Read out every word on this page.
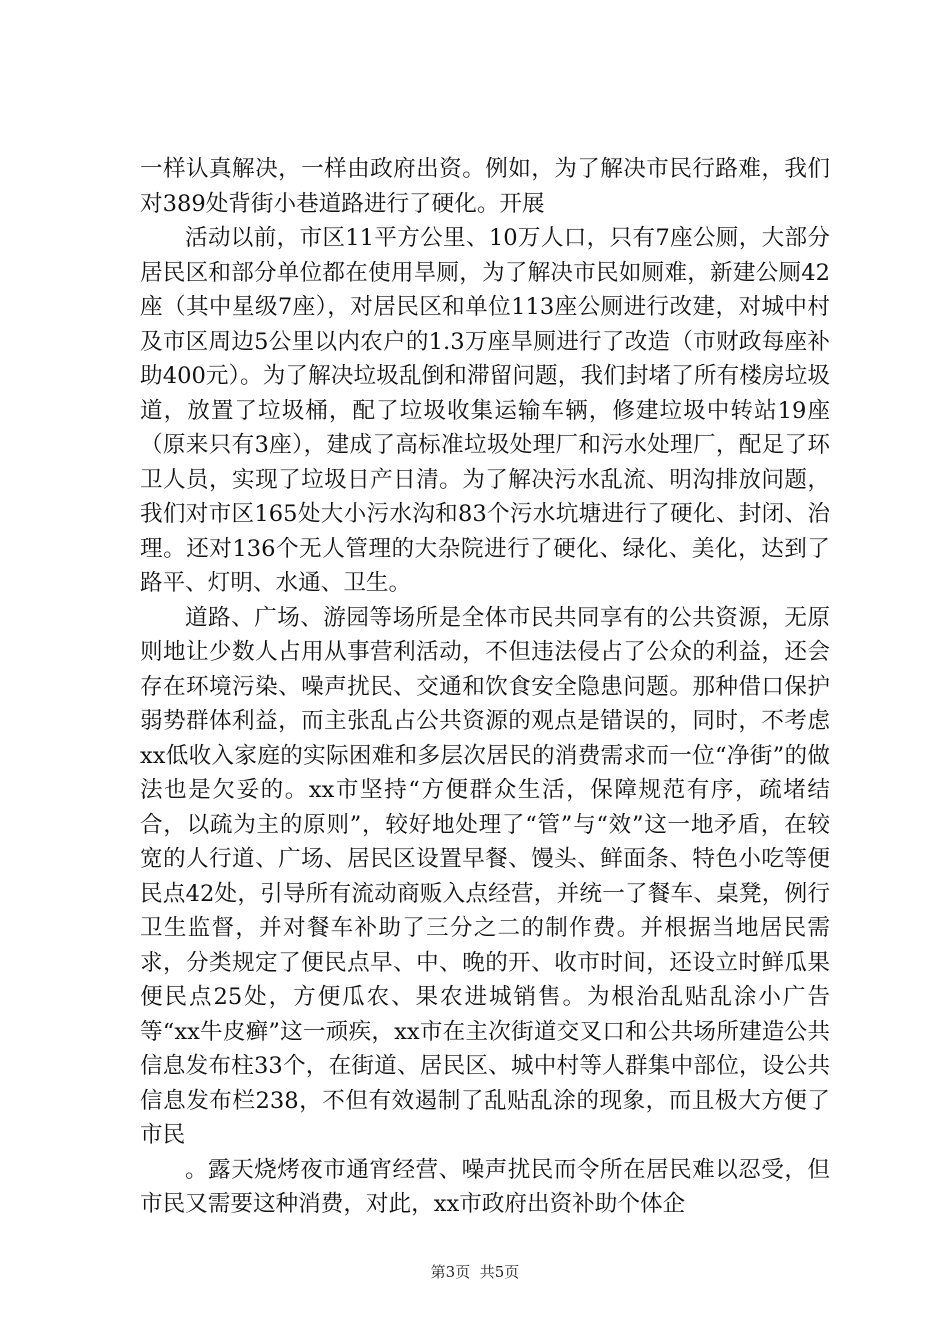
一样认真解决，一样由政府出资。例如，为了解决市民行路难，我们对389处背街小巷道路进行了硬化。开展

活动以前，市区11平方公里、10万人口，只有7座公厕，大部分居民区和部分单位都在使用旱厕，为了解决市民如厕难，新建公厕42座（其中星级7座），对居民区和单位113座公厕进行改建，对城中村及市区周边5公里以内农户的1.3万座旱厕进行了改造（市财政每座补助400元）。为了解决垃圾乱倒和滞留问题，我们封堵了所有楼房垃圾道，放置了垃圾桶，配了垃圾收集运输车辆，修建垃圾中转站19座（原来只有3座），建成了高标准垃圾处理厂和污水处理厂，配足了环卫人员，实现了垃圾日产日清。为了解决污水乱流、明沟排放问题，我们对市区165处大小污水沟和83个污水坑塘进行了硬化、封闭、治理。还对136个无人管理的大杂院进行了硬化、绿化、美化，达到了路平、灯明、水通、卫生。

道路、广场、游园等场所是全体市民共同享有的公共资源，无原则地让少数人占用从事营利活动，不但违法侵占了公众的利益，还会存在环境污染、噪声扰民、交通和饮食安全隐患问题。那种借口保护弱势群体利益，而主张乱占公共资源的观点是错误的，同时，不考虑xx低收入家庭的实际困难和多层次居民的消费需求而一位“净街”的做法也是欠妥的。xx市坚持“方便群众生活，保障规范有序，疏堵结合，以疏为主的原则”，较好地处理了“管”与“效”这一地矛盾，在较宽的人行道、广场、居民区设置早餐、馒头、鲜面条、特色小吃等便民点42处，引导所有流动商贩入点经营，并统一了餐车、桌凳，例行卫生监督，并对餐车补助了三分之二的制作费。并根据当地居民需求，分类规定了便民点早、中、晚的开、收市时间，还设立时鲜瓜果便民点25处，方便瓜农、果农进城销售。为根治乱贴乱涂小广告等“xx牛皮癣”这一顽疾，xx市在主次街道交叉口和公共场所建造公共信息发布柱33个，在街道、居民区、城中村等人群集中部位，设公共信息发布栏238，不但有效遏制了乱贴乱涂的现象，而且极大方便了市民

。露天烧烤夜市通宵经营、噪声扰民而令所在居民难以忍受，但市民又需要这种消费，对此，xx市政府出资补助个体企

第3页 共5页
